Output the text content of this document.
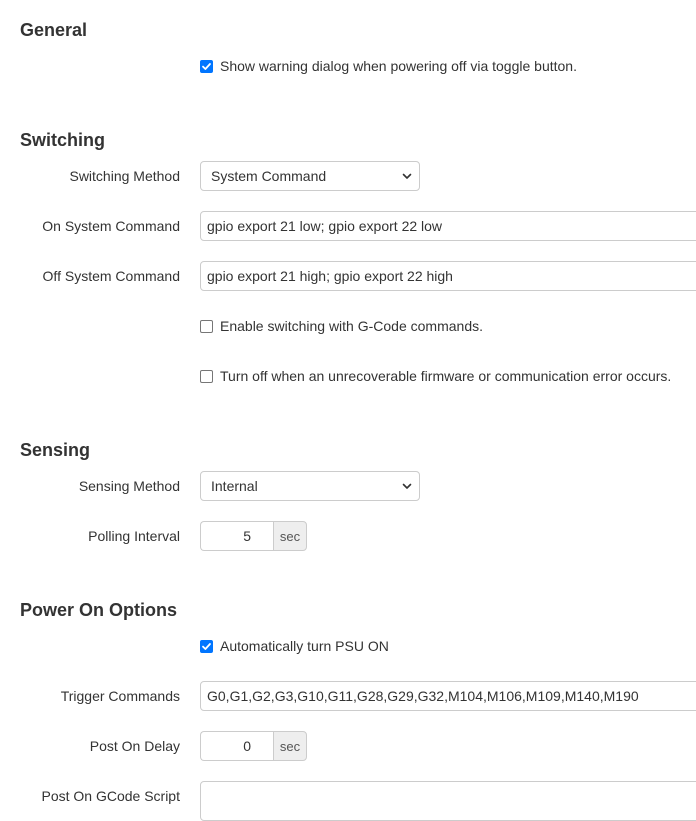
General
Show warning dialog when powering off via toggle button.
Switching
Switching Method System Command
On System Command	gpio export 21 low; gpio export 22 low
Off System Command	gpio export 21 high; gpio export 22 high
Enable switching with G-Code commands.
Turn off when an unrecoverable firmware or communication error occurs.
Sensing
Sensing Method Internal
Polling Interval	5	sec
Power On Options
Automatically turn PSU ON
Trigger Commands	G0,G1,G2,G3,G10,G11,G28,G29,G32,M104,M106,M109,M140,M190
Post On Delay	0	sec
Post On GCode Script
